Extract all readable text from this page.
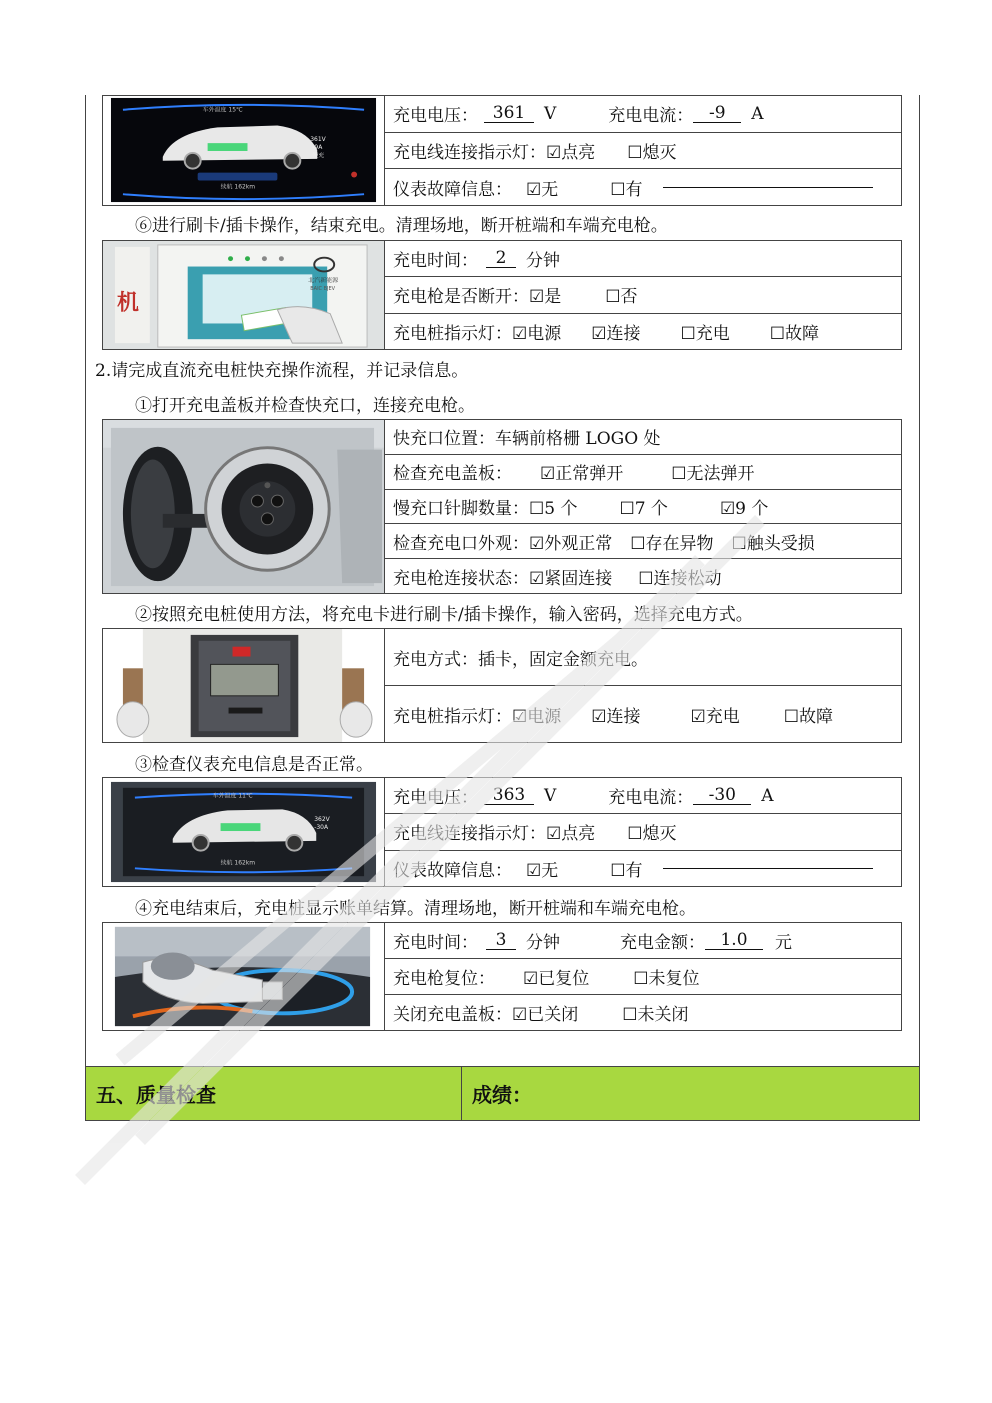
车外温度 15℃
361V
-9A
慢充
续航 162km
充电电压： 361	V	充电电流： -9	A
充电线连接指示灯： ☑点亮 ☐熄灭
仪表故障信息： ☑无	☐有
⑥进行刷卡/插卡操作，结束充电。清理场地，断开桩端和车端充电枪。
机
北汽新能源
BAIC BJEV
充电时间：	2	分钟
充电枪是否断开： ☑是	☐否
充电桩指示灯： ☑电源 ☑连接 ☐充电 ☐故障
2.请完成直流充电桩快充操作流程，并记录信息。
①打开充电盖板并检查快充口，连接充电枪。
快充口位置： 车辆前格栅 LOGO 处
检查充电盖板： ☑正常弹开	☐无法弹开
慢充口针脚数量： ☐5 个 ☐7 个	☑9 个
检查充电口外观： ☑外观正常 ☐存在异物 ☐触头受损
充电枪连接状态： ☑紧固连接 ☐连接松动
②按照充电桩使用方法，将充电卡进行刷卡/插卡操作，输入密码，选择充电方式。
充电方式： 插卡，固定金额充电。
充电桩指示灯： ☑电源 ☑连接	☑充电	☐故障
③检查仪表充电信息是否正常。
车外温度 11℃
362V
-30A
续航 162km
充电电压： 363	V	充电电流： -30	A
充电线连接指示灯： ☑点亮 ☐熄灭
仪表故障信息： ☑无	☐有
④充电结束后，充电桩显示账单结算。清理场地，断开桩端和车端充电枪。
充电时间：	3	分钟	充电金额： 1.0	元
充电枪复位： ☑已复位	☐未复位
关闭充电盖板： ☑已关闭	☐未关闭
五、质量检查	成绩：
